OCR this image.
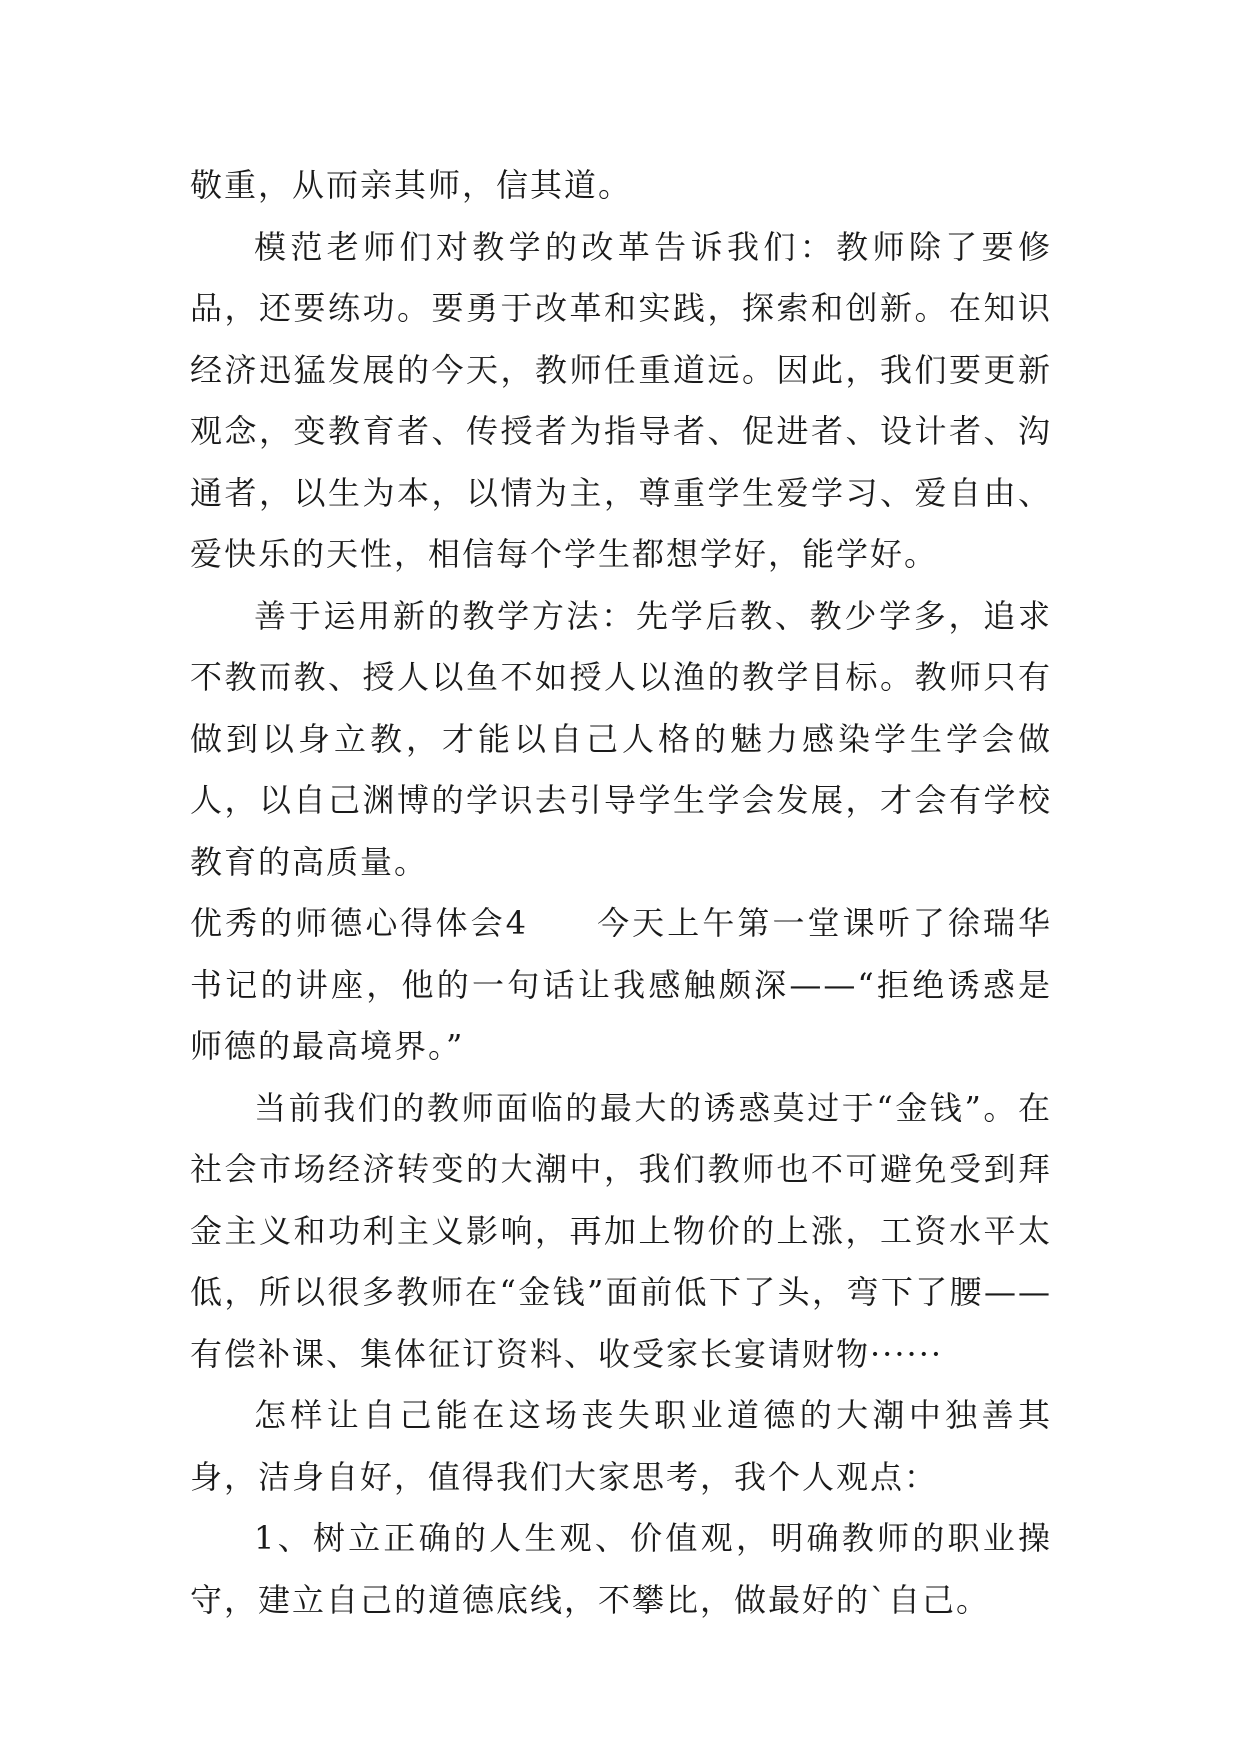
敬重，从而亲其师，信其道。

模范老师们对教学的改革告诉我们：教师除了要修品，还要练功。要勇于改革和实践，探索和创新。在知识经济迅猛发展的今天，教师任重道远。因此，我们要更新观念，变教育者、传授者为指导者、促进者、设计者、沟通者，以生为本，以情为主，尊重学生爱学习、爱自由、爱快乐的天性，相信每个学生都想学好，能学好。

善于运用新的教学方法：先学后教、教少学多，追求不教而教、授人以鱼不如授人以渔的教学目标。教师只有做到以身立教，才能以自己人格的魅力感染学生学会做人，以自己渊博的学识去引导学生学会发展，才会有学校教育的高质量。

优秀的师德心得体会4 今天上午第一堂课听了徐瑞华书记的讲座，他的一句话让我感触颇深——“拒绝诱惑是师德的最高境界。”

当前我们的教师面临的最大的诱惑莫过于“金钱”。在社会市场经济转变的大潮中，我们教师也不可避免受到拜金主义和功利主义影响，再加上物价的上涨，工资水平太低，所以很多教师在“金钱”面前低下了头，弯下了腰——有偿补课、集体征订资料、收受家长宴请财物······

怎样让自己能在这场丧失职业道德的大潮中独善其身，洁身自好，值得我们大家思考，我个人观点：

1、树立正确的人生观、价值观，明确教师的职业操守，建立自己的道德底线，不攀比，做最好的`自己。
